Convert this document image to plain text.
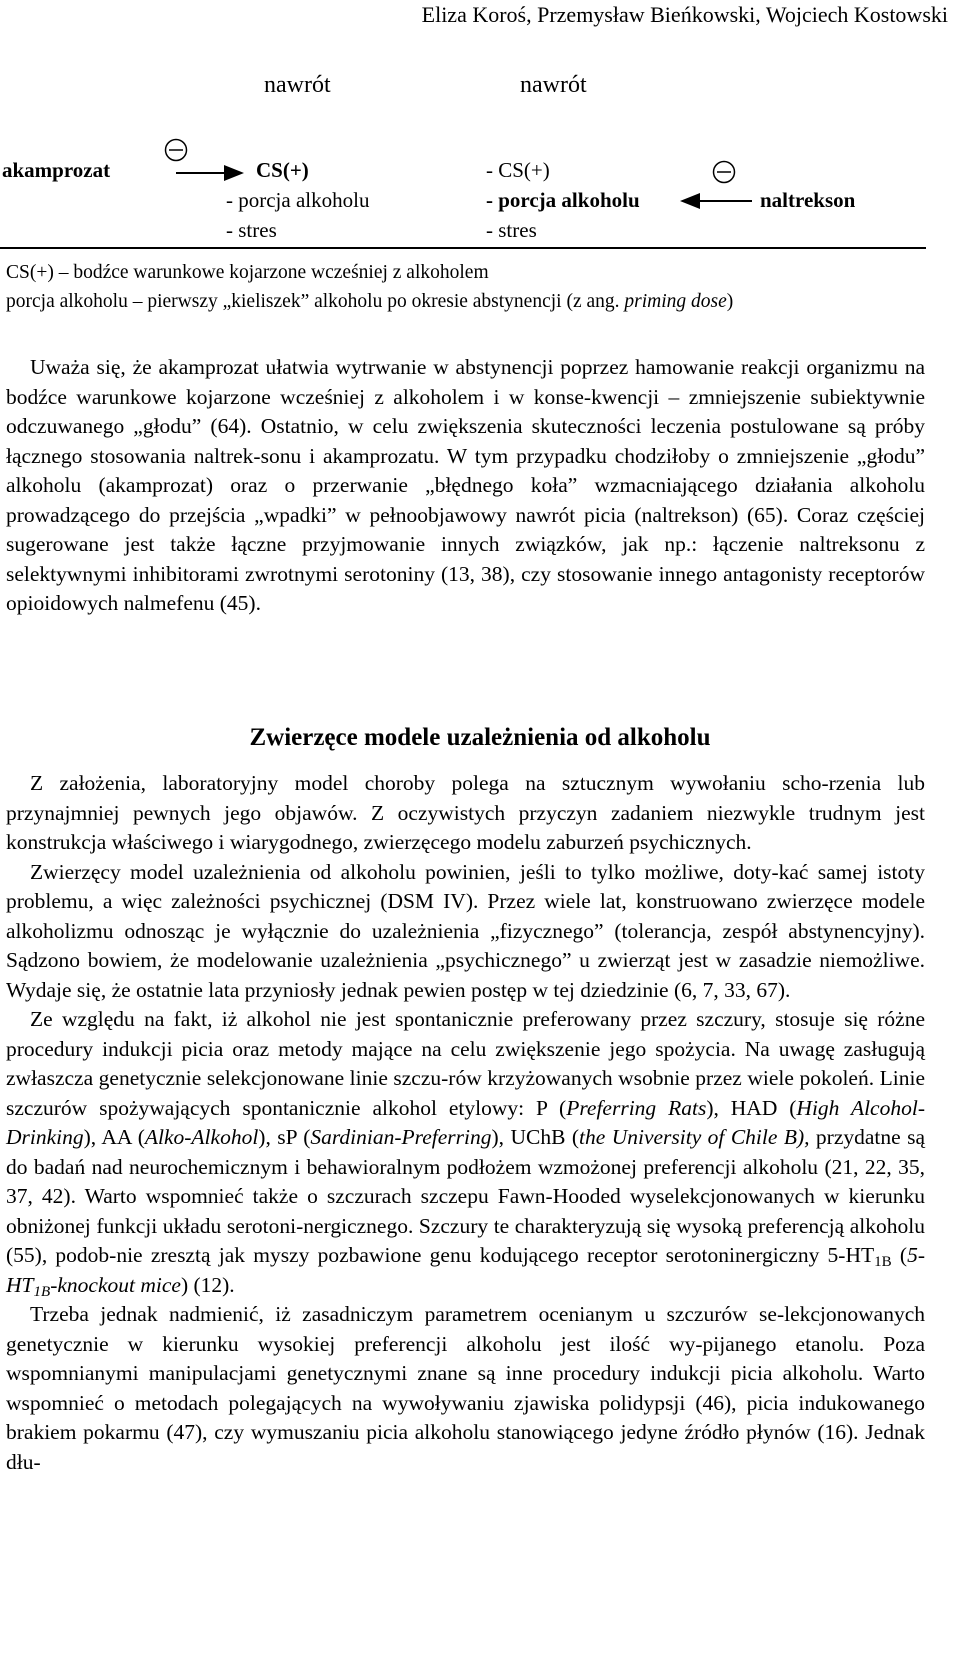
Eliza Koroś, Przemysław Bieńkowski, Wojciech Kostowski
nawrót	nawrót
akamprozat	CS(+)
- porcja alkoholu
- stres
- CS(+)
- porcja alkoholu
- stres
naltrekson
CS(+) – bodźce warunkowe kojarzone wcześniej z alkoholem
porcja alkoholu – pierwszy „kieliszek” alkoholu po okresie abstynencji (z ang. priming dose)

Uważa się, że akamprozat ułatwia wytrwanie w abstynencji poprzez hamowanie reakcji organizmu na bodźce warunkowe kojarzone wcześniej z alkoholem i w konse-kwencji – zmniejszenie subiektywnie odczuwanego „głodu” (64). Ostatnio, w celu zwiększenia skuteczności leczenia postulowane są próby łącznego stosowania naltrek-sonu i akamprozatu. W tym przypadku chodziłoby o zmniejszenie „głodu” alkoholu (akamprozat) oraz o przerwanie „błędnego koła” wzmacniającego działania alkoholu prowadzącego do przejścia „wpadki” w pełnoobjawowy nawrót picia (naltrekson) (65). Coraz częściej sugerowane jest także łączne przyjmowanie innych związków, jak np.: łączenie naltreksonu z selektywnymi inhibitorami zwrotnymi serotoniny (13, 38), czy stosowanie innego antagonisty receptorów opioidowych nalmefenu (45).

Zwierzęce modele uzależnienia od alkoholu

Z założenia, laboratoryjny model choroby polega na sztucznym wywołaniu scho-rzenia lub przynajmniej pewnych jego objawów. Z oczywistych przyczyn zadaniem niezwykle trudnym jest konstrukcja właściwego i wiarygodnego, zwierzęcego modelu zaburzeń psychicznych.

Zwierzęcy model uzależnienia od alkoholu powinien, jeśli to tylko możliwe, doty-kać samej istoty problemu, a więc zależności psychicznej (DSM IV). Przez wiele lat, konstruowano zwierzęce modele alkoholizmu odnosząc je wyłącznie do uzależnienia „fizycznego” (tolerancja, zespół abstynencyjny). Sądzono bowiem, że modelowanie uzależnienia „psychicznego” u zwierząt jest w zasadzie niemożliwe. Wydaje się, że ostatnie lata przyniosły jednak pewien postęp w tej dziedzinie (6, 7, 33, 67).

Ze względu na fakt, iż alkohol nie jest spontanicznie preferowany przez szczury, stosuje się różne procedury indukcji picia oraz metody mające na celu zwiększenie jego spożycia. Na uwagę zasługują zwłaszcza genetycznie selekcjonowane linie szczu-rów krzyżowanych wsobnie przez wiele pokoleń. Linie szczurów spożywających spontanicznie alkohol etylowy: P (Preferring Rats), HAD (High Alcohol-Drinking), AA (Alko-Alkohol), sP (Sardinian-Preferring), UChB (the University of Chile B), przydatne są do badań nad neurochemicznym i behawioralnym podłożem wzmożonej preferencji alkoholu (21, 22, 35, 37, 42). Warto wspomnieć także o szczurach szczepu Fawn-Hooded wyselekcjonowanych w kierunku obniżonej funkcji układu serotoni-nergicznego. Szczury te charakteryzują się wysoką preferencją alkoholu (55), podob-nie zresztą jak myszy pozbawione genu kodującego receptor serotoninergiczny $5-HT_{1B}$ ($5-HT_{1B}$-knockout mice) (12).

Trzeba jednak nadmienić, iż zasadniczym parametrem ocenianym u szczurów se-lekcjonowanych genetycznie w kierunku wysokiej preferencji alkoholu jest ilość wy-pijanego etanolu. Poza wspomnianymi manipulacjami genetycznymi znane są inne procedury indukcji picia alkoholu. Warto wspomnieć o metodach polegających na wywoływaniu zjawiska polidypsji (46), picia indukowanego brakiem pokarmu (47), czy wymuszaniu picia alkoholu stanowiącego jedyne źródło płynów (16). Jednak dłu-
